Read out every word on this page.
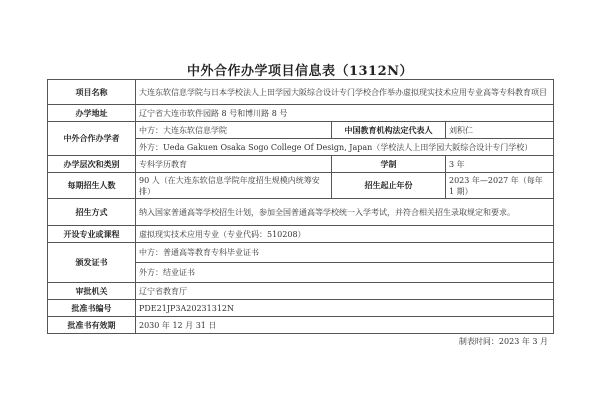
中外合作办学项目信息表（1312N）
项目名称	大连东软信息学院与日本学校法人上田学园大阪综合设计专门学校合作举办虚拟现实技术应用专业高等专科教育项目		
办学地址	辽宁省大连市软件园路 8 号和博川路 8 号		
中外合作办学者	中方：大连东软信息学院	中国教育机构法定代表人	刘积仁
	外方：Ueda Gakuen Osaka Sogo College Of Design, Japan（学校法人上田学园大阪综合设计专门学校）		
办学层次和类别	专科学历教育	学制	3 年
每期招生人数	90 人（在大连东软信息学院年度招生规模内统筹安排）	招生起止年份	2023 年—2027 年（每年 1 期）
招生方式	纳入国家普通高等学校招生计划，参加全国普通高等学校统一入学考试，并符合相关招生录取规定和要求。		
开设专业或课程	虚拟现实技术应用专业（专业代码：510208）		
颁发证书	中方：普通高等教育专科毕业证书		
	外方：结业证书		
审批机关	辽宁省教育厅		
批准书编号	PDE21JP3A20231312N		
批准书有效期	2030 年 12 月 31 日		
制表时间：2023 年 3 月
